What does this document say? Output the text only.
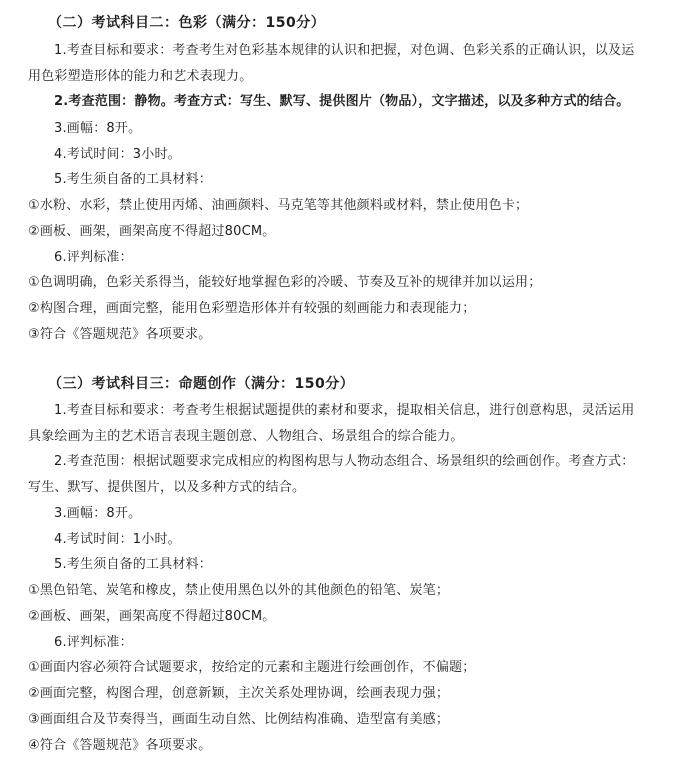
（二）考试科目二：色彩（满分：150分）
1.考查目标和要求：考查考生对色彩基本规律的认识和把握，对色调、色彩关系的正确认识，以及运
用色彩塑造形体的能力和艺术表现力。
2.考查范围：静物。考查方式：写生、默写、提供图片（物品），文字描述，以及多种方式的结合。
3.画幅：8开。
4.考试时间：3小时。
5.考生须自备的工具材料：
①水粉、水彩，禁止使用丙烯、油画颜料、马克笔等其他颜料或材料，禁止使用色卡；
②画板、画架，画架高度不得超过80CM。
6.评判标准：
①色调明确，色彩关系得当，能较好地掌握色彩的冷暖、节奏及互补的规律并加以运用；
②构图合理，画面完整，能用色彩塑造形体并有较强的刻画能力和表现能力；
③符合《答题规范》各项要求。
（三）考试科目三：命题创作（满分：150分）
1.考查目标和要求：考查考生根据试题提供的素材和要求，提取相关信息，进行创意构思，灵活运用
具象绘画为主的艺术语言表现主题创意、人物组合、场景组合的综合能力。
2.考查范围：根据试题要求完成相应的构图构思与人物动态组合、场景组织的绘画创作。考查方式：
写生、默写、提供图片，以及多种方式的结合。
3.画幅：8开。
4.考试时间：1小时。
5.考生须自备的工具材料：
①黑色铅笔、炭笔和橡皮，禁止使用黑色以外的其他颜色的铅笔、炭笔；
②画板、画架，画架高度不得超过80CM。
6.评判标准：
①画面内容必须符合试题要求，按给定的元素和主题进行绘画创作，不偏题；
②画面完整，构图合理，创意新颖，主次关系处理协调，绘画表现力强；
③画面组合及节奏得当，画面生动自然、比例结构准确、造型富有美感；
④符合《答题规范》各项要求。
